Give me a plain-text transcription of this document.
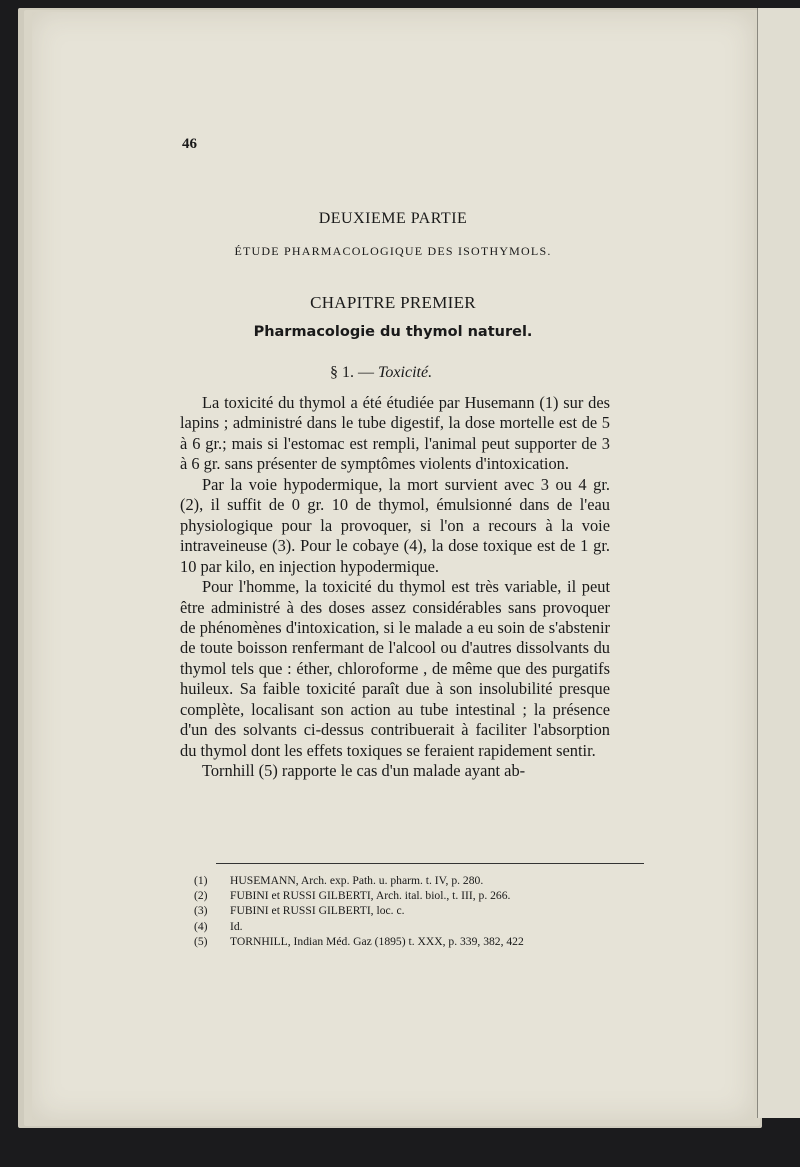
46
DEUXIEME PARTIE
ÉTUDE PHARMACOLOGIQUE DES ISOTHYMOLS.
CHAPITRE PREMIER
Pharmacologie du thymol naturel.
§ 1. — Toxicité.

La toxicité du thymol a été étudiée par Husemann (1) sur des lapins ; administré dans le tube digestif, la dose mortelle est de 5 à 6 gr.; mais si l'estomac est rempli, l'animal peut supporter de 3 à 6 gr. sans présenter de symptômes violents d'intoxication.

Par la voie hypodermique, la mort survient avec 3 ou 4 gr. (2), il suffit de 0 gr. 10 de thymol, émulsionné dans de l'eau physiologique pour la provoquer, si l'on a recours à la voie intraveineuse (3). Pour le cobaye (4), la dose toxique est de 1 gr. 10 par kilo, en injection hypodermique.

Pour l'homme, la toxicité du thymol est très variable, il peut être administré à des doses assez considérables sans provoquer de phénomènes d'intoxication, si le malade a eu soin de s'abstenir de toute boisson renfermant de l'alcool ou d'autres dissolvants du thymol tels que : éther, chloroforme , de même que des purgatifs huileux. Sa faible toxicité paraît due à son insolubilité presque complète, localisant son action au tube intestinal ; la présence d'un des solvants ci-dessus contribuerait à faciliter l'absorption du thymol dont les effets toxiques se feraient rapidement sentir.

Tornhill (5) rapporte le cas d'un malade ayant ab-

(1) HUSEMANN, Arch. exp. Path. u. pharm. t. IV, p. 280.
(2) FUBINI et RUSSI GILBERTI, Arch. ital. biol., t. III, p. 266.
(3) FUBINI et RUSSI GILBERTI, loc. c.
(4) Id.
(5) TORNHILL, Indian Méd. Gaz (1895) t. XXX, p. 339, 382, 422
